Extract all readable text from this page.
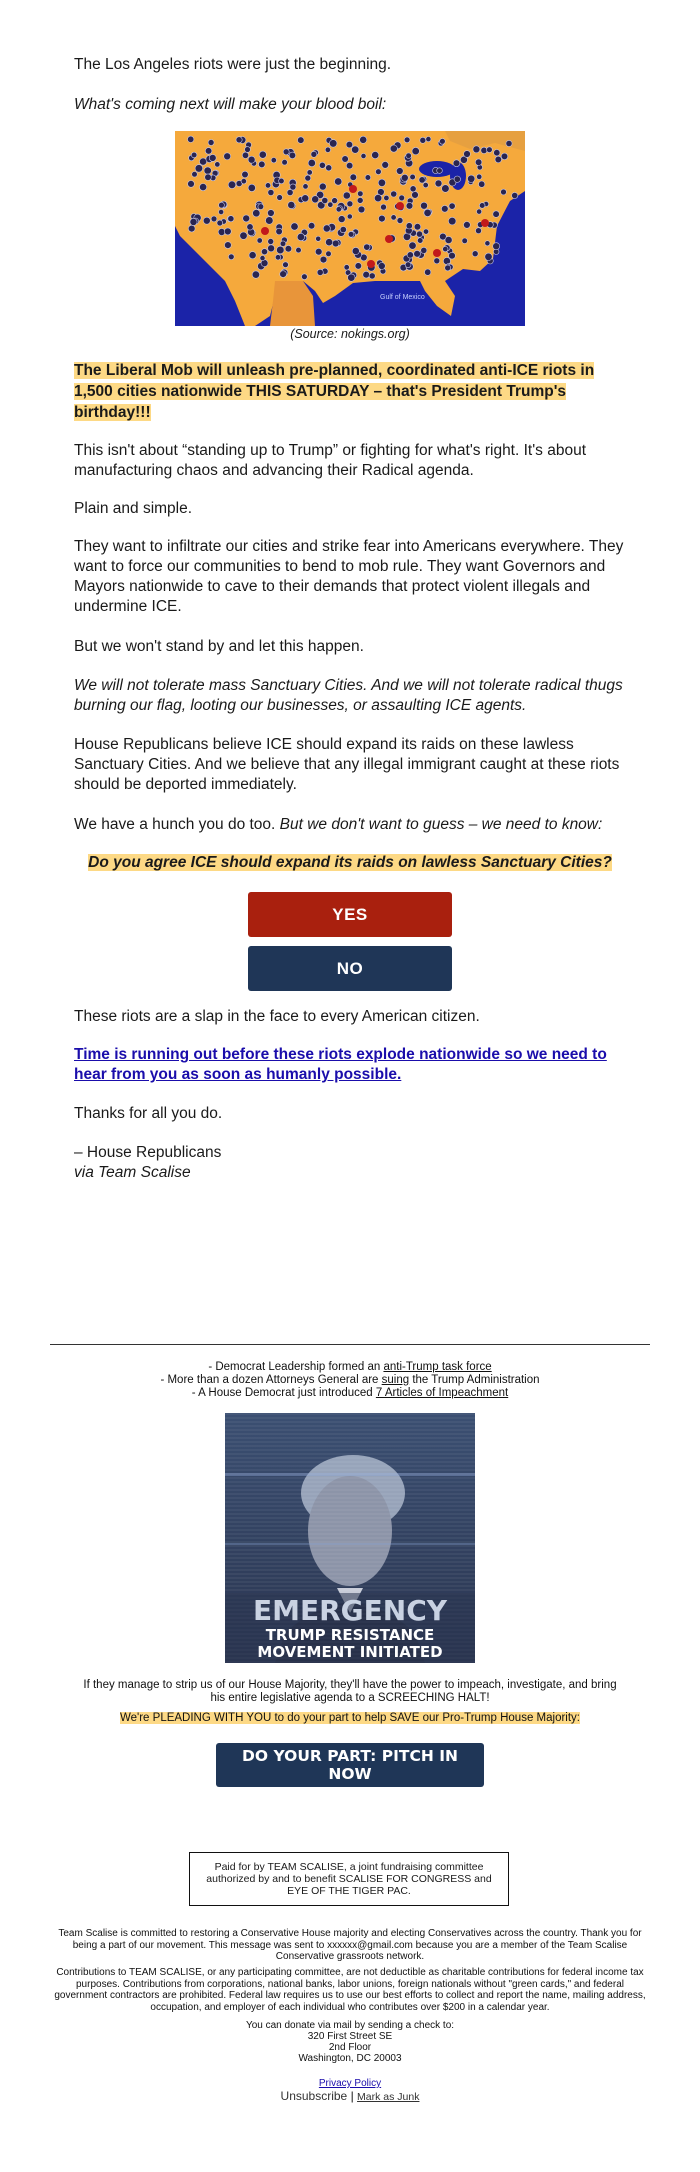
The Los Angeles riots were just the beginning.

What's coming next will make your blood boil:

Gulf of Mexico
(Source: nokings.org)

The Liberal Mob will unleash pre-planned, coordinated anti-ICE riots in 1,500 cities nationwide THIS SATURDAY – that's President Trump's birthday!!!

This isn't about “standing up to Trump” or fighting for what's right. It's about manufacturing chaos and advancing their Radical agenda.

Plain and simple.

They want to infiltrate our cities and strike fear into Americans everywhere. They want to force our communities to bend to mob rule. They want Governors and Mayors nationwide to cave to their demands that protect violent illegals and undermine ICE.

But we won't stand by and let this happen.

We will not tolerate mass Sanctuary Cities. And we will not tolerate radical thugs burning our flag, looting our businesses, or assaulting ICE agents.

House Republicans believe ICE should expand its raids on these lawless Sanctuary Cities. And we believe that any illegal immigrant caught at these riots should be deported immediately.

We have a hunch you do too. But we don't want to guess – we need to know:

Do you agree ICE should expand its raids on lawless Sanctuary Cities?

YES
NO

These riots are a slap in the face to every American citizen.

Time is running out before these riots explode nationwide so we need to hear from you as soon as humanly possible.

Thanks for all you do.

– House Republicans

via Team Scalise

- Democrat Leadership formed an anti-Trump task force
- More than a dozen Attorneys General are suing the Trump Administration
- A House Democrat just introduced 7 Articles of Impeachment
EMERGENCY
TRUMP RESISTANCE
MOVEMENT INITIATED
If they manage to strip us of our House Majority, they'll have the power to impeach, investigate, and bring his entire legislative agenda to a SCREECHING HALT!
We're PLEADING WITH YOU to do your part to help SAVE our Pro-Trump House Majority:
DO YOUR PART: PITCH IN NOW
Paid for by TEAM SCALISE, a joint fundraising committee authorized by and to benefit SCALISE FOR CONGRESS and EYE OF THE TIGER PAC.
Team Scalise is committed to restoring a Conservative House majority and electing Conservatives across the country. Thank you for being a part of our movement. This message was sent to xxxxxx@gmail.com because you are a member of the Team Scalise Conservative grassroots network.
Contributions to TEAM SCALISE, or any participating committee, are not deductible as charitable contributions for federal income tax purposes. Contributions from corporations, national banks, labor unions, foreign nationals without "green cards," and federal government contractors are prohibited. Federal law requires us to use our best efforts to collect and report the name, mailing address, occupation, and employer of each individual who contributes over $200 in a calendar year.
You can donate via mail by sending a check to:
320 First Street SE
2nd Floor
Washington, DC 20003
Privacy Policy
Unsubscribe | Mark as Junk
